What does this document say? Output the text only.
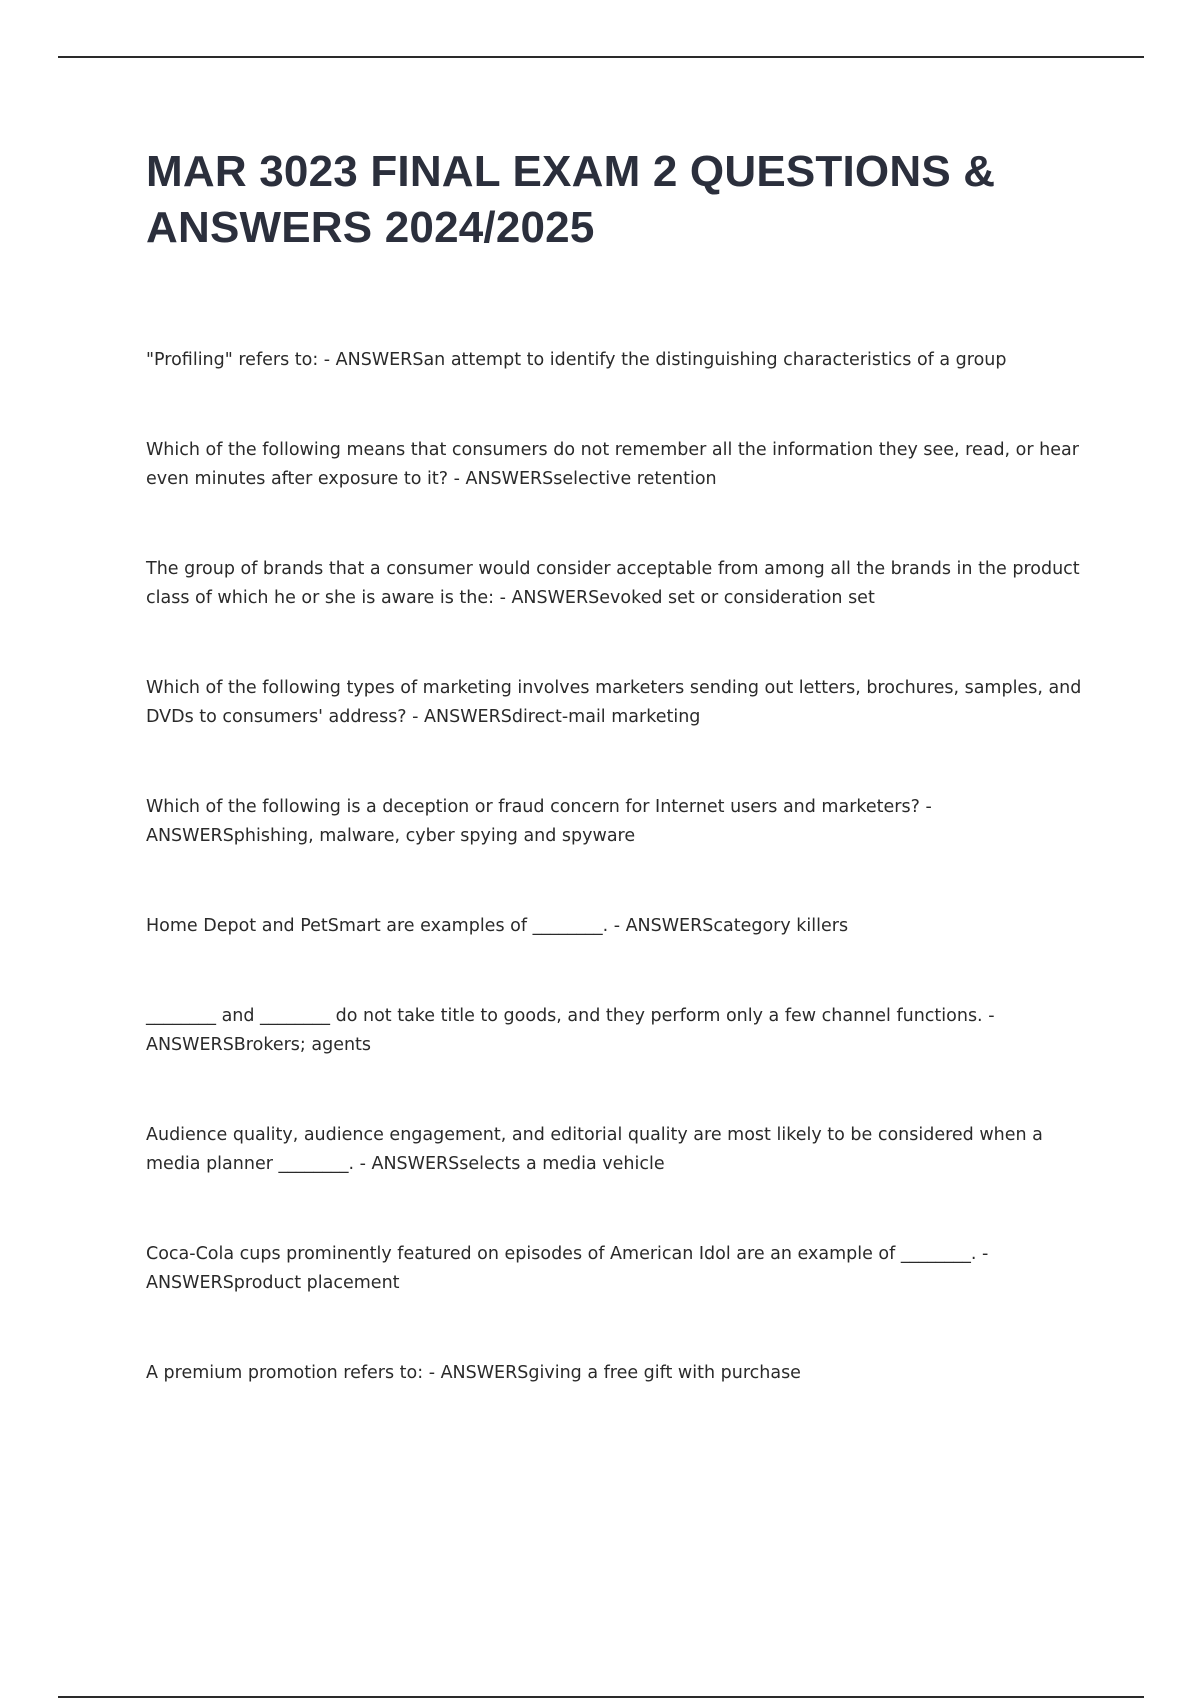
MAR 3023 FINAL EXAM 2 QUESTIONS & ANSWERS 2024/2025
"Profiling" refers to: - ANSWERSan attempt to identify the distinguishing characteristics of a group
Which of the following means that consumers do not remember all the information they see, read, or hear even minutes after exposure to it? - ANSWERSselective retention
The group of brands that a consumer would consider acceptable from among all the brands in the product class of which he or she is aware is the: - ANSWERSevoked set or consideration set
Which of the following types of marketing involves marketers sending out letters, brochures, samples, and DVDs to consumers' address? - ANSWERSdirect-mail marketing
Which of the following is a deception or fraud concern for Internet users and marketers? - ANSWERSphishing, malware, cyber spying and spyware
Home Depot and PetSmart are examples of ________. - ANSWERScategory killers
________ and ________ do not take title to goods, and they perform only a few channel functions. - ANSWERSBrokers; agents
Audience quality, audience engagement, and editorial quality are most likely to be considered when a media planner ________. - ANSWERSselects a media vehicle
Coca-Cola cups prominently featured on episodes of American Idol are an example of ________. - ANSWERSproduct placement
A premium promotion refers to: - ANSWERSgiving a free gift with purchase
